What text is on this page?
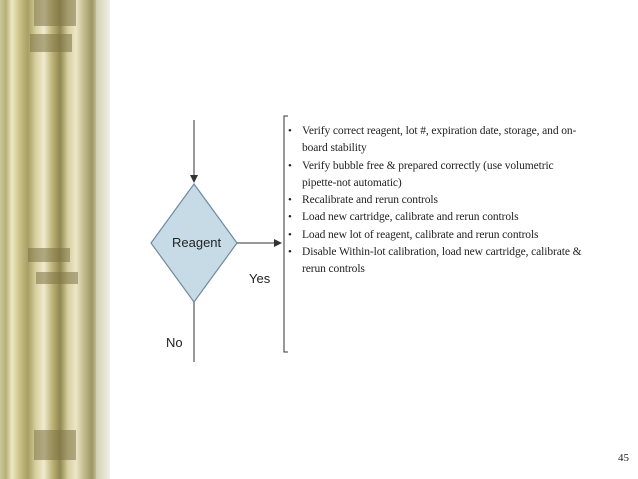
Reagent
Yes
No
• Verify correct reagent, lot #, expiration date, storage, and on-board stability
• Verify bubble free & prepared correctly (use volumetric pipette-not automatic)
• Recalibrate and rerun controls
• Load new cartridge, calibrate and rerun controls
• Load new lot of reagent, calibrate and rerun controls
• Disable Within-lot calibration, load new cartridge, calibrate & rerun controls
45
